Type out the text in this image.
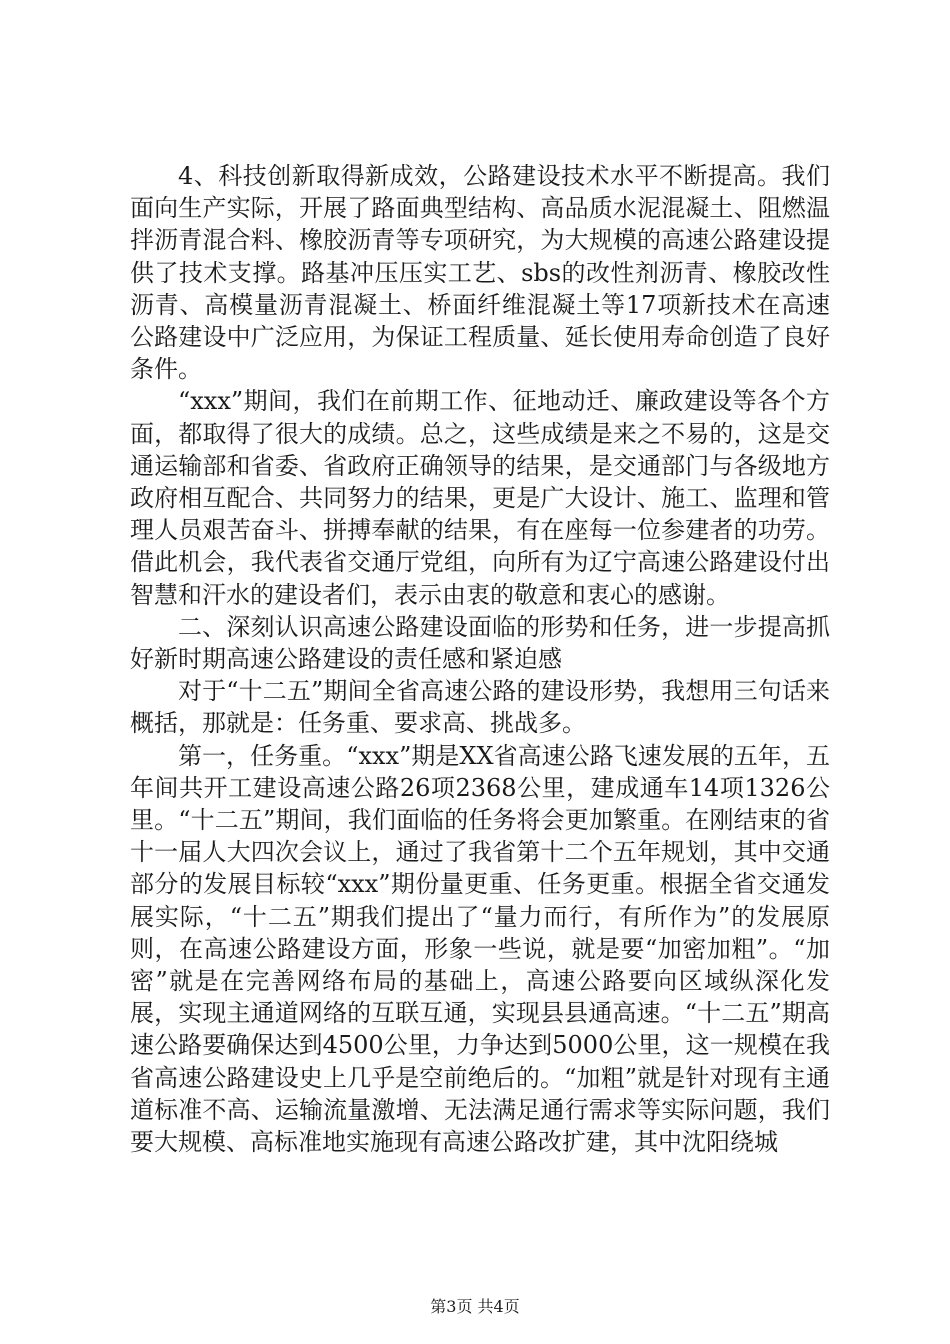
4、科技创新取得新成效，公路建设技术水平不断提高。我们面向生产实际，开展了路面典型结构、高品质水泥混凝土、阻燃温拌沥青混合料、橡胶沥青等专项研究，为大规模的高速公路建设提供了技术支撑。路基冲压压实工艺、sbs的改性剂沥青、橡胶改性沥青、高模量沥青混凝土、桥面纤维混凝土等17项新技术在高速公路建设中广泛应用，为保证工程质量、延长使用寿命创造了良好条件。

“xxx”期间，我们在前期工作、征地动迁、廉政建设等各个方面，都取得了很大的成绩。总之，这些成绩是来之不易的，这是交通运输部和省委、省政府正确领导的结果，是交通部门与各级地方政府相互配合、共同努力的结果，更是广大设计、施工、监理和管理人员艰苦奋斗、拼搏奉献的结果，有在座每一位参建者的功劳。借此机会，我代表省交通厅党组，向所有为辽宁高速公路建设付出智慧和汗水的建设者们，表示由衷的敬意和衷心的感谢。

二、深刻认识高速公路建设面临的形势和任务，进一步提高抓好新时期高速公路建设的责任感和紧迫感

对于“十二五”期间全省高速公路的建设形势，我想用三句话来概括，那就是：任务重、要求高、挑战多。

第一，任务重。“xxx”期是XX省高速公路飞速发展的五年，五年间共开工建设高速公路26项2368公里，建成通车14项1326公里。“十二五”期间，我们面临的任务将会更加繁重。在刚结束的省十一届人大四次会议上，通过了我省第十二个五年规划，其中交通部分的发展目标较“xxx”期份量更重、任务更重。根据全省交通发展实际，“十二五”期我们提出了“量力而行，有所作为”的发展原则，在高速公路建设方面，形象一些说，就是要“加密加粗”。“加密”就是在完善网络布局的基础上，高速公路要向区域纵深化发展，实现主通道网络的互联互通，实现县县通高速。“十二五”期高速公路要确保达到4500公里，力争达到5000公里，这一规模在我省高速公路建设史上几乎是空前绝后的。“加粗”就是针对现有主通道标准不高、运输流量激增、无法满足通行需求等实际问题，我们要大规模、高标准地实施现有高速公路改扩建，其中沈阳绕城

第3页 共4页
